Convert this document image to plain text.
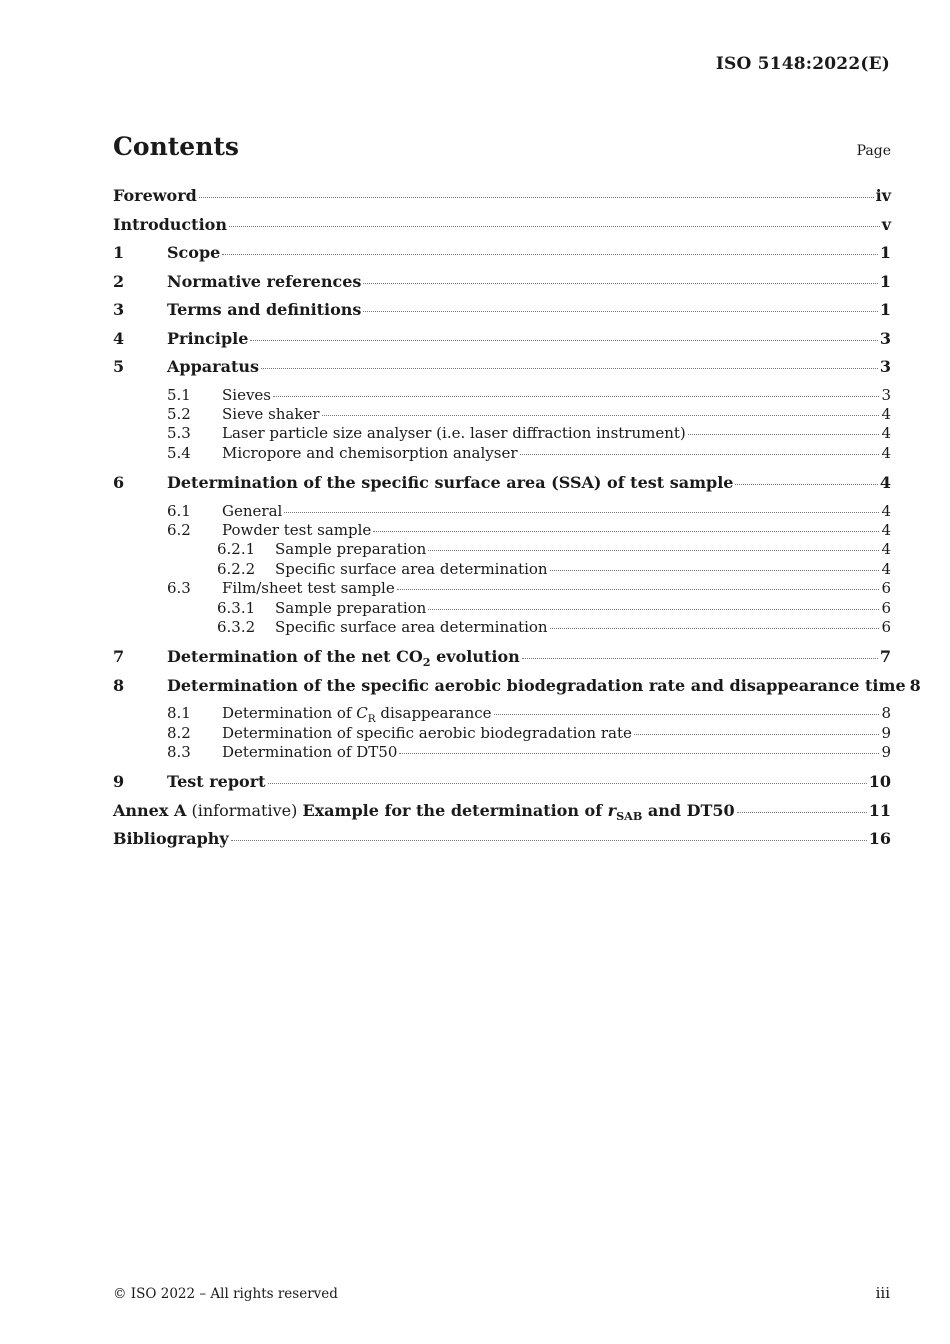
ISO 5148:2022(E)
Contents	Page
Foreword	iv
Introduction	v
1	Scope	1
2	Normative references	1
3	Terms and definitions	1
4	Principle	3
5	Apparatus	3
5.1	Sieves	3
5.2	Sieve shaker	4
5.3	Laser particle size analyser (i.e. laser diffraction instrument)	4
5.4	Micropore and chemisorption analyser	4
6	Determination of the specific surface area (SSA) of test sample	4
6.1	General	4
6.2	Powder test sample	4
6.2.1	Sample preparation	4
6.2.2	Specific surface area determination	4
6.3	Film/sheet test sample	6
6.3.1	Sample preparation	6
6.3.2	Specific surface area determination	6
7	Determination of the net $CO_2$ evolution	7
8	Determination of the specific aerobic biodegradation rate and disappearance time 8
8.1	Determination of $C_R$ disappearance	8
8.2	Determination of specific aerobic biodegradation rate	9
8.3	Determination of DT50	9
9	Test report	10
Annex A (informative) Example for the determination of $r_{SAB}$ and DT50	11
Bibliography	16
© ISO 2022 – All rights reserved	iii
